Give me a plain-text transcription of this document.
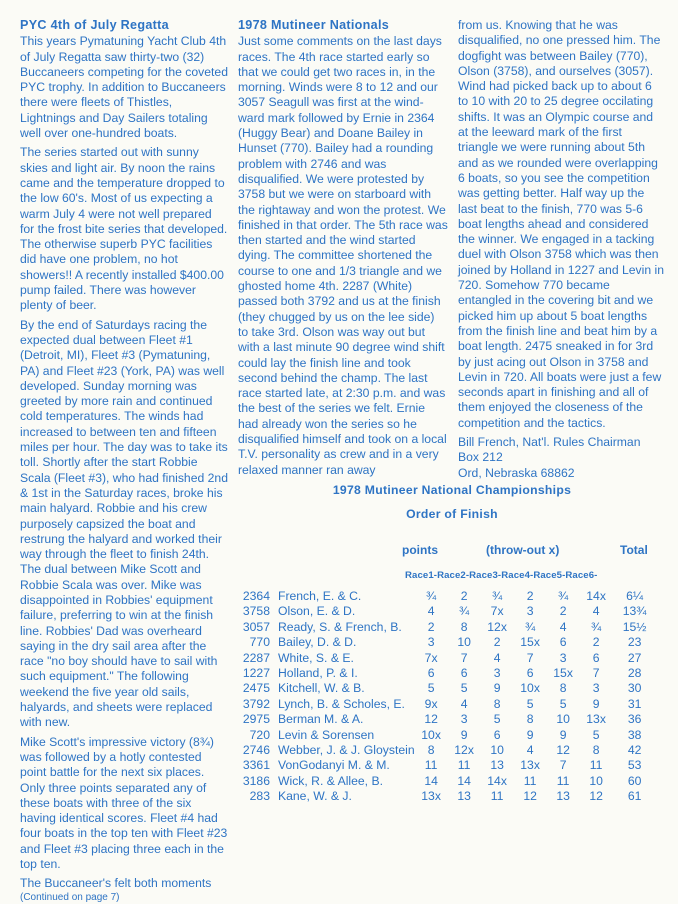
PYC 4th of July Regatta

This years Pymatuning Yacht Club 4th of July Regatta saw thirty-two (32) Buccaneers competing for the coveted PYC trophy. In addition to Buccaneers there were fleets of Thistles, Lightnings and Day Sailers totaling well over one-hundred boats.

The series started out with sunny skies and light air. By noon the rains came and the temperature dropped to the low 60's. Most of us expecting a warm July 4 were not well prepared for the frost bite series that developed. The otherwise superb PYC facilities did have one problem, no hot showers!! A recently installed $400.00 pump failed. There was however plenty of beer.

By the end of Saturdays racing the expected dual between Fleet #1 (Detroit, MI), Fleet #3 (Pymatuning, PA) and Fleet #23 (York, PA) was well developed. Sunday morning was greeted by more rain and continued cold temperatures. The winds had increased to between ten and fifteen miles per hour. The day was to take its toll. Shortly after the start Robbie Scala (Fleet #3), who had finished 2nd & 1st in the Saturday races, broke his main halyard. Robbie and his crew purposely capsized the boat and restrung the halyard and worked their way through the fleet to finish 24th. The dual between Mike Scott and Robbie Scala was over. Mike was disappointed in Robbies' equipment failure, preferring to win at the finish line. Robbies' Dad was overheard saying in the dry sail area after the race "no boy should have to sail with such equipment." The following weekend the five year old sails, halyards, and sheets were replaced with new.

Mike Scott's impressive victory (8¾) was followed by a hotly contested point battle for the next six places. Only three points separated any of these boats with three of the six having identical scores. Fleet #4 had four boats in the top ten with Fleet #23 and Fleet #3 placing three each in the top ten.

The Buccaneer's felt both moments

(Continued on page 7)
1978 Mutineer Nationals

Just some comments on the last days races. The 4th race started early so that we could get two races in, in the morning. Winds were 8 to 12 and our 3057 Seagull was first at the wind-ward mark followed by Ernie in 2364 (Huggy Bear) and Doane Bailey in Hunset (770). Bailey had a rounding problem with 2746 and was disqualified. We were protested by 3758 but we were on starboard with the rightaway and won the protest. We finished in that order. The 5th race was then started and the wind started dying. The committee shortened the course to one and 1/3 triangle and we ghosted home 4th. 2287 (White) passed both 3792 and us at the finish (they chugged by us on the lee side) to take 3rd. Olson was way out but with a last minute 90 degree wind shift could lay the finish line and took second behind the champ. The last race started late, at 2:30 p.m. and was the best of the series we felt. Ernie had already won the series so he disqualified himself and took on a local T.V. personality as crew and in a very relaxed manner ran away

from us. Knowing that he was disqualified, no one pressed him. The dogfight was between Bailey (770), Olson (3758), and ourselves (3057). Wind had picked back up to about 6 to 10 with 20 to 25 degree occilating shifts. It was an Olympic course and at the leeward mark of the first triangle we were running about 5th and as we rounded were overlapping 6 boats, so you see the competition was getting better. Half way up the last beat to the finish, 770 was 5-6 boat lengths ahead and considered the winner. We engaged in a tacking duel with Olson 3758 which was then joined by Holland in 1227 and Levin in 720. Somehow 770 became entangled in the covering bit and we picked him up about 5 boat lengths from the finish line and beat him by a boat length. 2475 sneaked in for 3rd by just acing out Olson in 3758 and Levin in 720. All boats were just a few seconds apart in finishing and all of them enjoyed the closeness of the competition and the tactics.

Bill French, Nat'l. Rules Chairman

Box 212

Ord, Nebraska 68862

1978 Mutineer National Championships
Order of Finish
points	(throw-out x)	Total
Race1-Race2-Race3-Race4-Race5-Race6-
2364	French, E. & C.	¾	2	¾	2	¾	14x	6¼
3758	Olson, E. & D.	4	¾	7x	3	2	4	13¾
3057	Ready, S. & French, B.	2	8	12x	¾	4	¾	15½
770	Bailey, D. & D.	3	10	2	15x	6	2	23
2287	White, S. & E.	7x	7	4	7	3	6	27
1227	Holland, P. & I.	6	6	3	6	15x	7	28
2475	Kitchell, W. & B.	5	5	9	10x	8	3	30
3792	Lynch, B. & Scholes, E.	9x	4	8	5	5	9	31
2975	Berman M. & A.	12	3	5	8	10	13x	36
720	Levin & Sorensen	10x	9	6	9	9	5	38
2746	Webber, J. & J. Gloystein	8	12x	10	4	12	8	42
3361	VonGodanyi M. & M.	11	11	13	13x	7	11	53
3186	Wick, R. & Allee, B.	14	14	14x	11	11	10	60
283	Kane, W. & J.	13x	13	11	12	13	12	61
